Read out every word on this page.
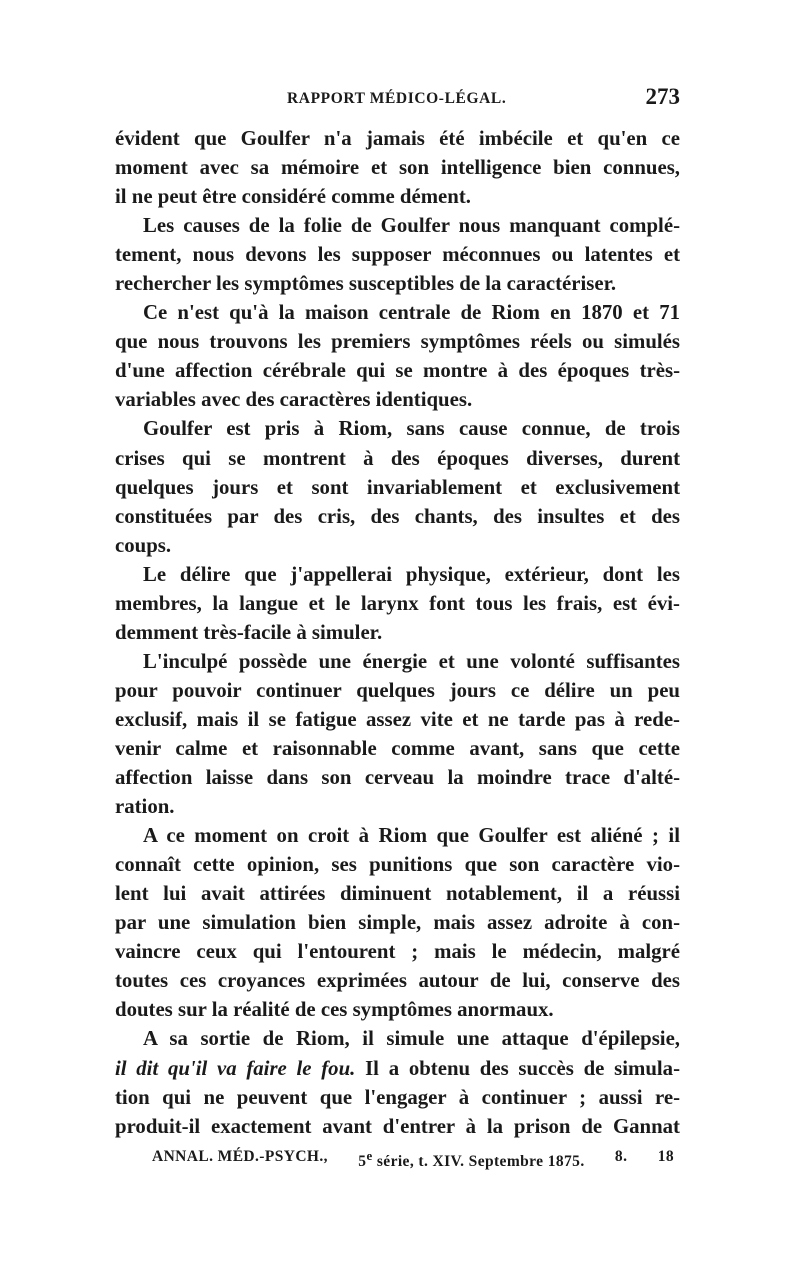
RAPPORT MÉDICO-LÉGAL.	273

évident que Goulfer n'a jamais été imbécile et qu'en ce
moment avec sa mémoire et son intelligence bien connues,
il ne peut être considéré comme dément.

Les causes de la folie de Goulfer nous manquant complé-
tement, nous devons les supposer méconnues ou latentes et
rechercher les symptômes susceptibles de la caractériser.

Ce n'est qu'à la maison centrale de Riom en 1870 et 71
que nous trouvons les premiers symptômes réels ou simulés
d'une affection cérébrale qui se montre à des époques très-
variables avec des caractères identiques.

Goulfer est pris à Riom, sans cause connue, de trois
crises qui se montrent à des époques diverses, durent
quelques jours et sont invariablement et exclusivement
constituées par des cris, des chants, des insultes et des
coups.

Le délire que j'appellerai physique, extérieur, dont les
membres, la langue et le larynx font tous les frais, est évi-
demment très-facile à simuler.

L'inculpé possède une énergie et une volonté suffisantes
pour pouvoir continuer quelques jours ce délire un peu
exclusif, mais il se fatigue assez vite et ne tarde pas à rede-
venir calme et raisonnable comme avant, sans que cette
affection laisse dans son cerveau la moindre trace d'alté-
ration.

A ce moment on croit à Riom que Goulfer est aliéné ; il
connaît cette opinion, ses punitions que son caractère vio-
lent lui avait attirées diminuent notablement, il a réussi
par une simulation bien simple, mais assez adroite à con-
vaincre ceux qui l'entourent ; mais le médecin, malgré
toutes ces croyances exprimées autour de lui, conserve des
doutes sur la réalité de ces symptômes anormaux.

A sa sortie de Riom, il simule une attaque d'épilepsie,
il dit qu'il va faire le fou. Il a obtenu des succès de simula-
tion qui ne peuvent que l'engager à continuer ; aussi re-
produit-il exactement avant d'entrer à la prison de Gannat

ANNAL. MÉD.-PSYCH., 5e série, t. XIV. Septembre 1875. 8. 18
